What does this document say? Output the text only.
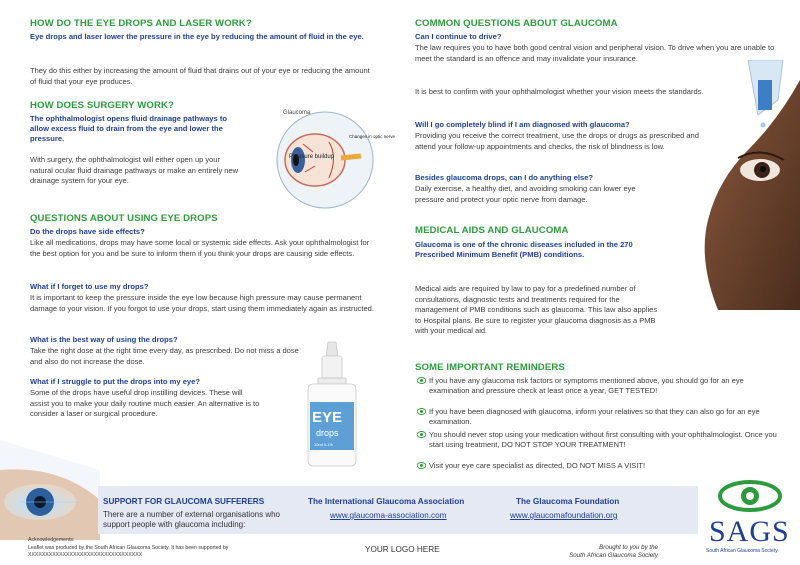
HOW DO THE EYE DROPS AND LASER WORK?
Eye drops and laser lower the pressure in the eye by reducing the amount of fluid in the eye.
They do this either by increasing the amount of fluid that drains out of your eye or reducing the amount of fluid that your eye produces.
HOW DOES SURGERY WORK?
The ophthalmologist opens fluid drainage pathways to allow excess fluid to drain from the eye and lower the pressure.
With surgery, the ophthalmologist will either open up your natural ocular fluid drainage pathways or make an entirely new drainage system for your eye.
QUESTIONS ABOUT USING EYE DROPS
Do the drops have side effects?
Like all medications, drops may have some local or systemic side effects. Ask your ophthalmologist for the best option for you and be sure to inform them if you think your drops are causing side effects.
What if I forget to use my drops?
It is important to keep the pressure inside the eye low because high pressure may cause permanent damage to your vision. If you forgot to use your drops, start using them immediately again as instructed.
What is the best way of using the drops?
Take the right dose at the right time every day, as prescribed. Do not miss a dose and also do not increase the dose.
What if I struggle to put the drops into my eye?
Some of the drops have useful drop instilling devices. These will assist you to make your daily routine much easier. An alternative is to consider a laser or surgical procedure.
Glaucoma
Pressure buildup
Changes in optic nerve
EYE
drops
10ml 0.1%
COMMON QUESTIONS ABOUT GLAUCOMA
Can I continue to drive?
The law requires you to have both good central vision and peripheral vision. To drive when you are unable to meet the standard is an offence and may invalidate your insurance.
It is best to confirm with your ophthalmologist whether your vision meets the standards.
Will I go completely blind if I am diagnosed with glaucoma?
Providing you receive the correct treatment, use the drops or drugs as prescribed and attend your follow-up appointments and checks, the risk of blindness is low.
Besides glaucoma drops, can I do anything else?
Daily exercise, a healthy diet, and avoiding smoking can lower eye pressure and protect your optic nerve from damage.
MEDICAL AIDS AND GLAUCOMA
Glaucoma is one of the chronic diseases included in the 270 Prescribed Minimum Benefit (PMB) conditions.
Medical aids are required by law to pay for a predefined number of consultations, diagnostic tests and treatments required for the management of PMB conditions such as glaucoma. This law also applies to Hospital plans. Be sure to register your glaucoma diagnosis as a PMB with your medical aid.
SOME IMPORTANT REMINDERS
If you have any glaucoma risk factors or symptoms mentioned above, you should go for an eye examination and pressure check at least once a year, GET TESTED!
If you have been diagnosed with glaucoma, inform your relatives so that they can also go for an eye examination.
You should never stop using your medication without first consulting with your ophthalmologist. Once you start using treatment, DO NOT STOP YOUR TREATMENT!
Visit your eye care specialist as directed, DO NOT MISS A VISIT!
SUPPORT FOR GLAUCOMA SUFFERERS
There are a number of external organisations who support people with glaucoma including:
The International Glaucoma Association
www.glaucoma-association.com
The Glaucoma Foundation
www.glaucomafoundation.org	SAGS
South African Glaucoma Society
Acknowledgements:
Leaflet was produced by the South African Glaucoma Society. It has been supported by XXXXXXXXXXXXXXXXXXXXXXXXXXXXXXXXX
YOUR LOGO HERE	Brought to you by the
South African Glaucoma Society
